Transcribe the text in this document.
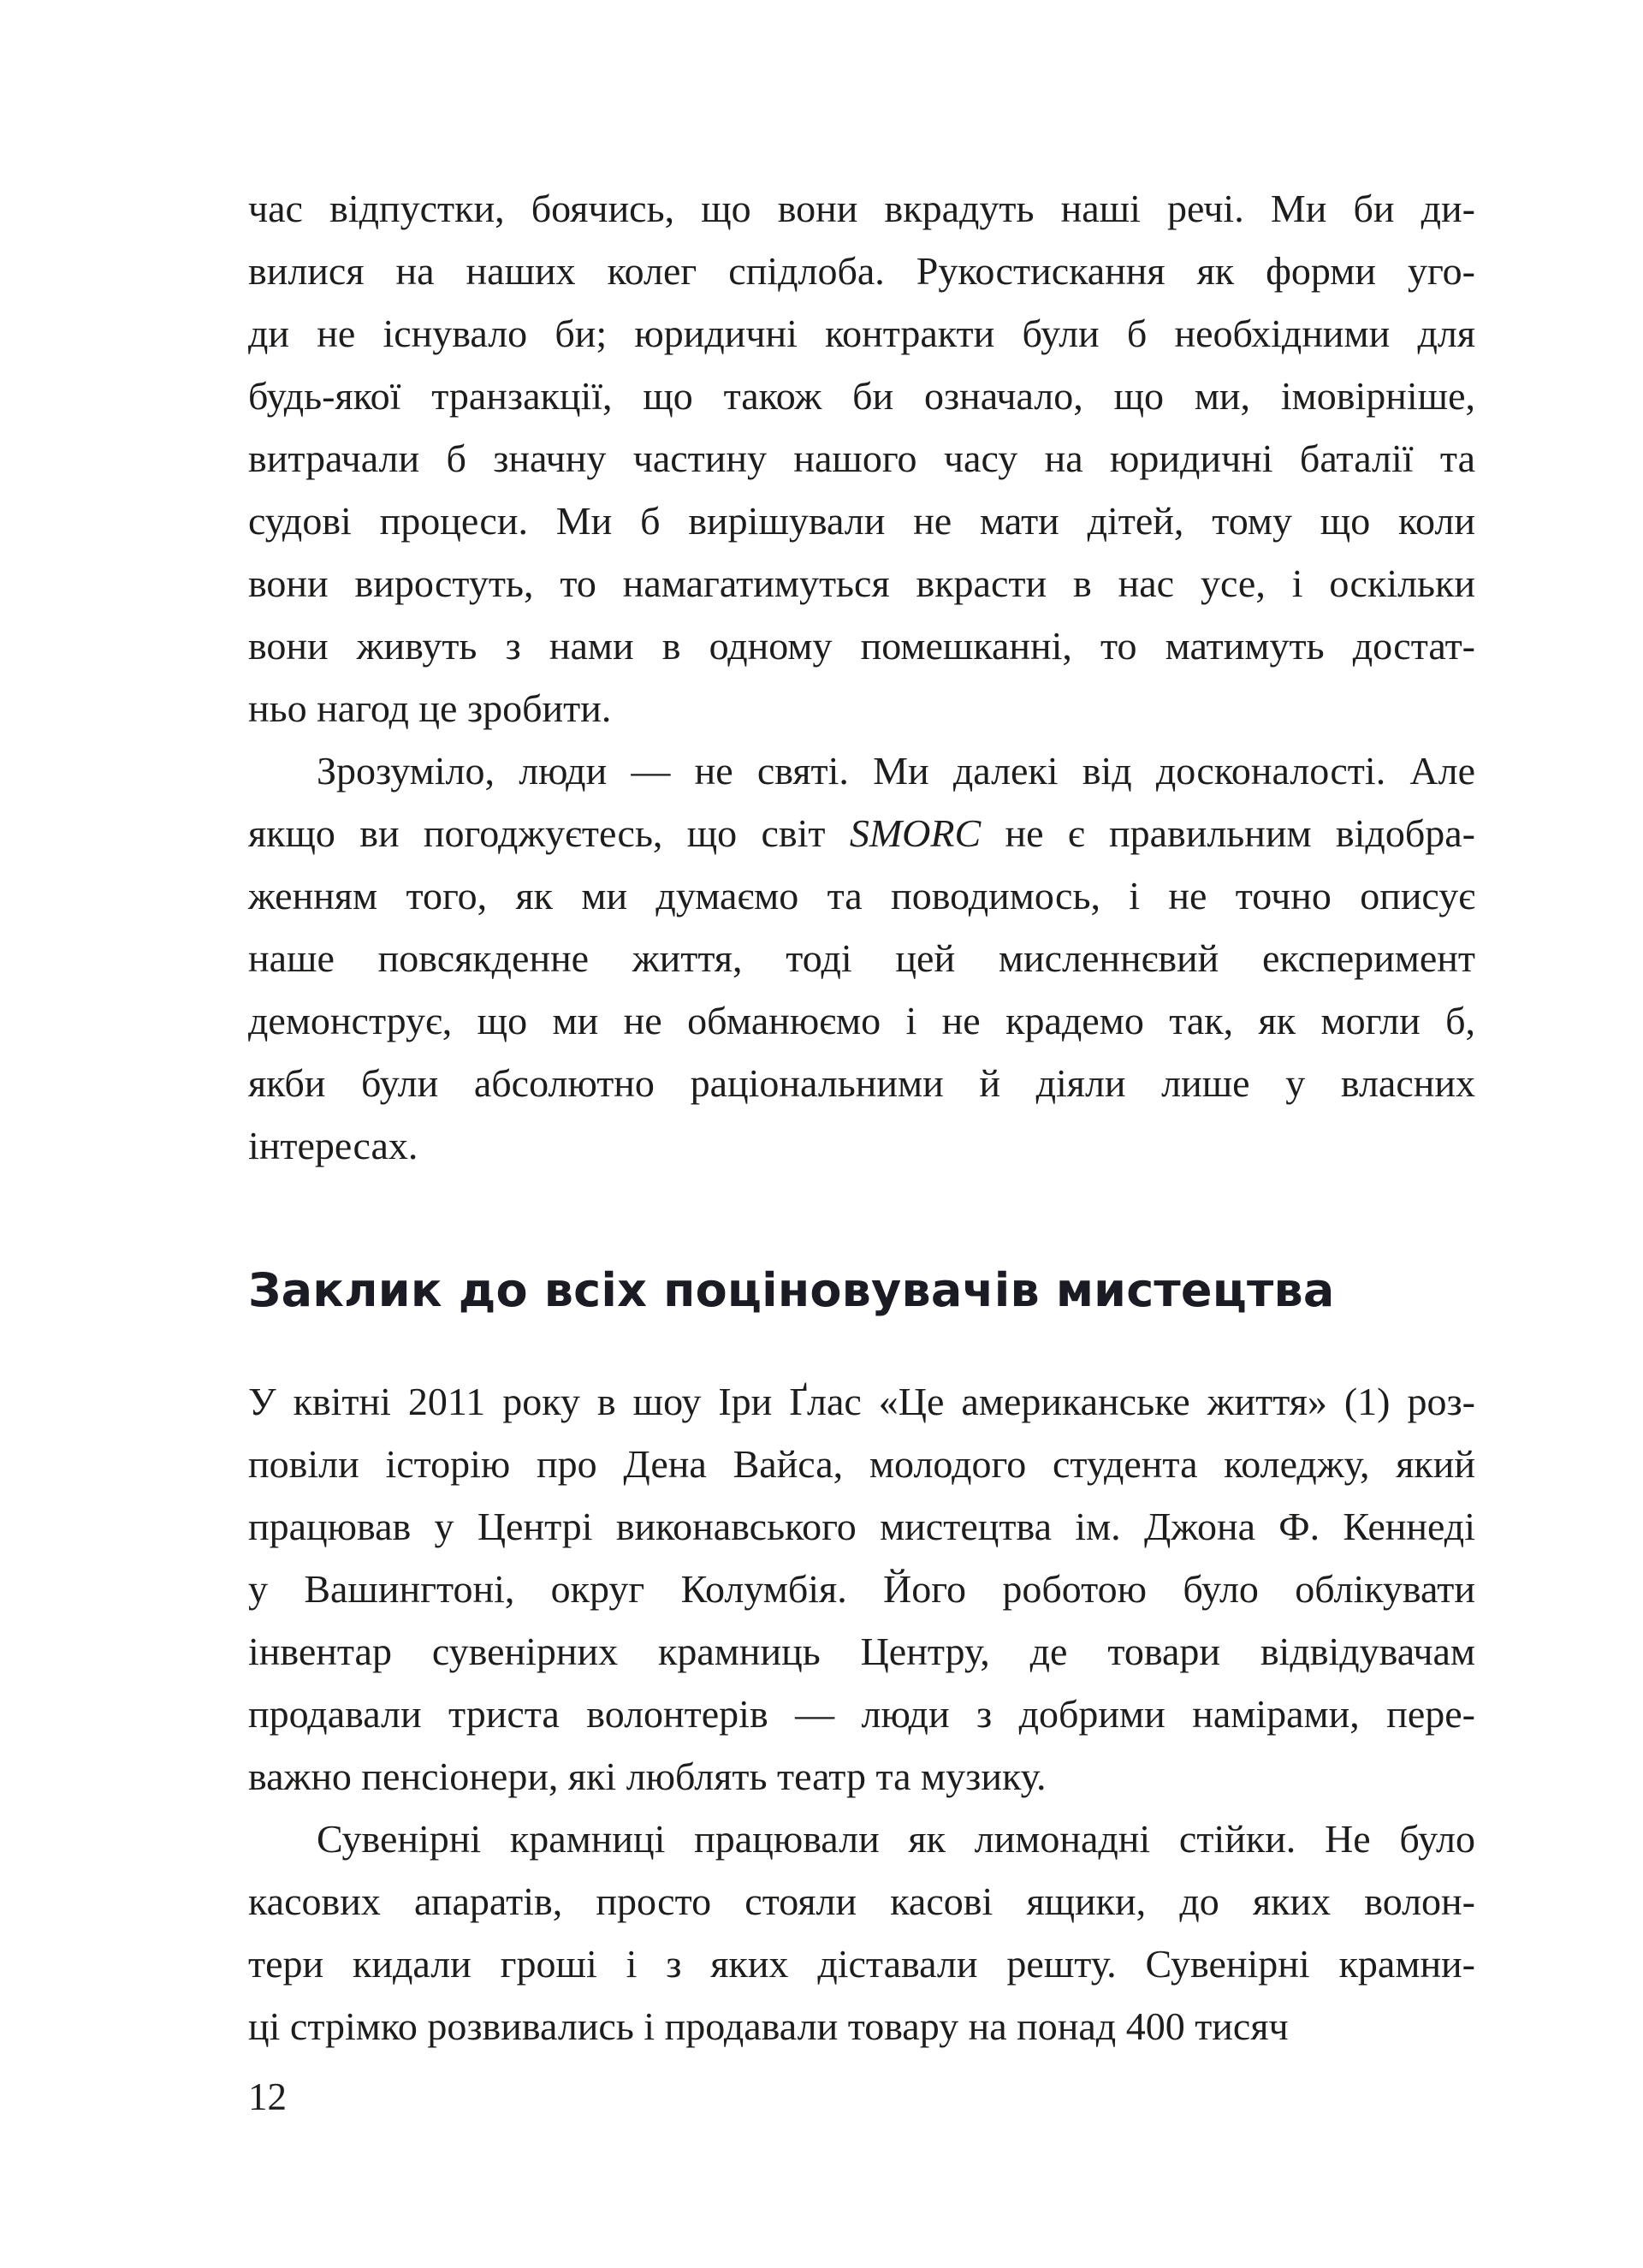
час відпустки, боячись, що вони вкрадуть наші речі. Ми би ди-
вилися на наших колег спідлоба. Рукостискання як форми уго-
ди не існувало би; юридичні контракти були б необхідними для
будь-якої транзакції, що також би означало, що ми, імовірніше,
витрачали б значну частину нашого часу на юридичні баталії та
судові процеси. Ми б вирішували не мати дітей, тому що коли
вони виростуть, то намагатимуться вкрасти в нас усе, і оскільки
вони живуть з нами в одному помешканні, то матимуть достат-
ньо нагод це зробити.
Зрозуміло, люди — не святі. Ми далекі від досконалості. Але
якщо ви погоджуєтесь, що світ SMORC не є правильним відобра-
женням того, як ми думаємо та поводимось, і не точно описує
наше повсякденне життя, тоді цей мисленнєвий експеримент
демонструє, що ми не обманюємо і не крадемо так, як могли б,
якби були абсолютно раціональними й діяли лише у власних
інтересах.
Заклик до всіх поціновувачів мистецтва
У квітні 2011 року в шоу Іри Ґлас «Це американське життя» (1) роз-
повіли історію про Дена Вайса, молодого студента коледжу, який
працював у Центрі виконавського мистецтва ім. Джона Ф. Кеннеді
у Вашингтоні, округ Колумбія. Його роботою було облікувати
інвентар сувенірних крамниць Центру, де товари відвідувачам
продавали триста волонтерів — люди з добрими намірами, пере-
важно пенсіонери, які люблять театр та музику.
Сувенірні крамниці працювали як лимонадні стійки. Не було
касових апаратів, просто стояли касові ящики, до яких волон-
тери кидали гроші і з яких діставали решту. Сувенірні крамни-
ці стрімко розвивались і продавали товару на понад 400 тисяч
12
